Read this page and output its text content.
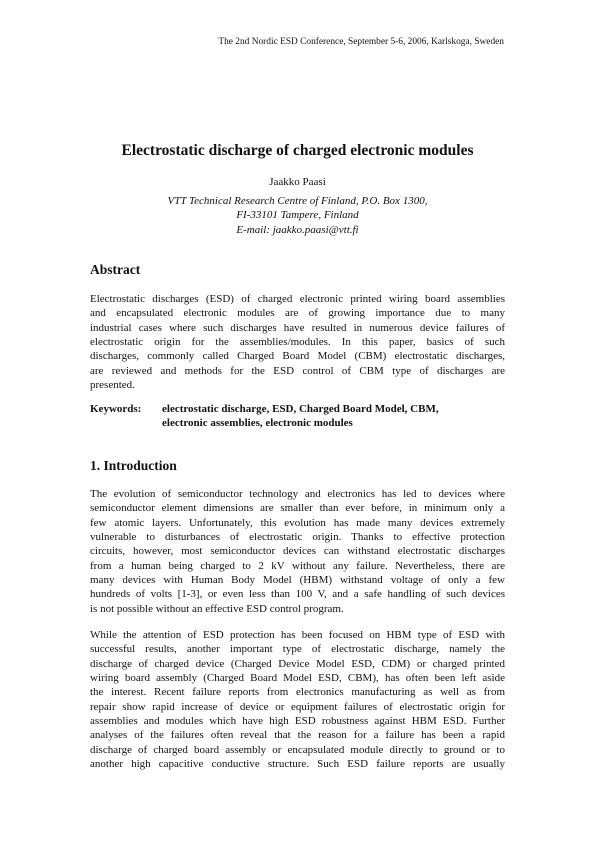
The 2nd Nordic ESD Conference, September 5-6, 2006, Karlskoga, Sweden
Electrostatic discharge of charged electronic modules
Jaakko Paasi
VTT Technical Research Centre of Finland, P.O. Box 1300,
FI-33101 Tampere, Finland
E-mail: jaakko.paasi@vtt.fi
Abstract
Electrostatic discharges (ESD) of charged electronic printed wiring board assemblies
and encapsulated electronic modules are of growing importance due to many
industrial cases where such discharges have resulted in numerous device failures of
electrostatic origin for the assemblies/modules. In this paper, basics of such
discharges, commonly called Charged Board Model (CBM) electrostatic discharges,
are reviewed and methods for the ESD control of CBM type of discharges are
presented.
Keywords: electrostatic discharge, ESD, Charged Board Model, CBM,
electronic assemblies, electronic modules
1. Introduction
The evolution of semiconductor technology and electronics has led to devices where
semiconductor element dimensions are smaller than ever before, in minimum only a
few atomic layers. Unfortunately, this evolution has made many devices extremely
vulnerable to disturbances of electrostatic origin. Thanks to effective protection
circuits, however, most semiconductor devices can withstand electrostatic discharges
from a human being charged to 2 kV without any failure. Nevertheless, there are
many devices with Human Body Model (HBM) withstand voltage of only a few
hundreds of volts [1-3], or even less than 100 V, and a safe handling of such devices
is not possible without an effective ESD control program.
While the attention of ESD protection has been focused on HBM type of ESD with
successful results, another important type of electrostatic discharge, namely the
discharge of charged device (Charged Device Model ESD, CDM) or charged printed
wiring board assembly (Charged Board Model ESD, CBM), has often been left aside
the interest. Recent failure reports from electronics manufacturing as well as from
repair show rapid increase of device or equipment failures of electrostatic origin for
assemblies and modules which have high ESD robustness against HBM ESD. Further
analyses of the failures often reveal that the reason for a failure has been a rapid
discharge of charged board assembly or encapsulated module directly to ground or to
another high capacitive conductive structure. Such ESD failure reports are usually
